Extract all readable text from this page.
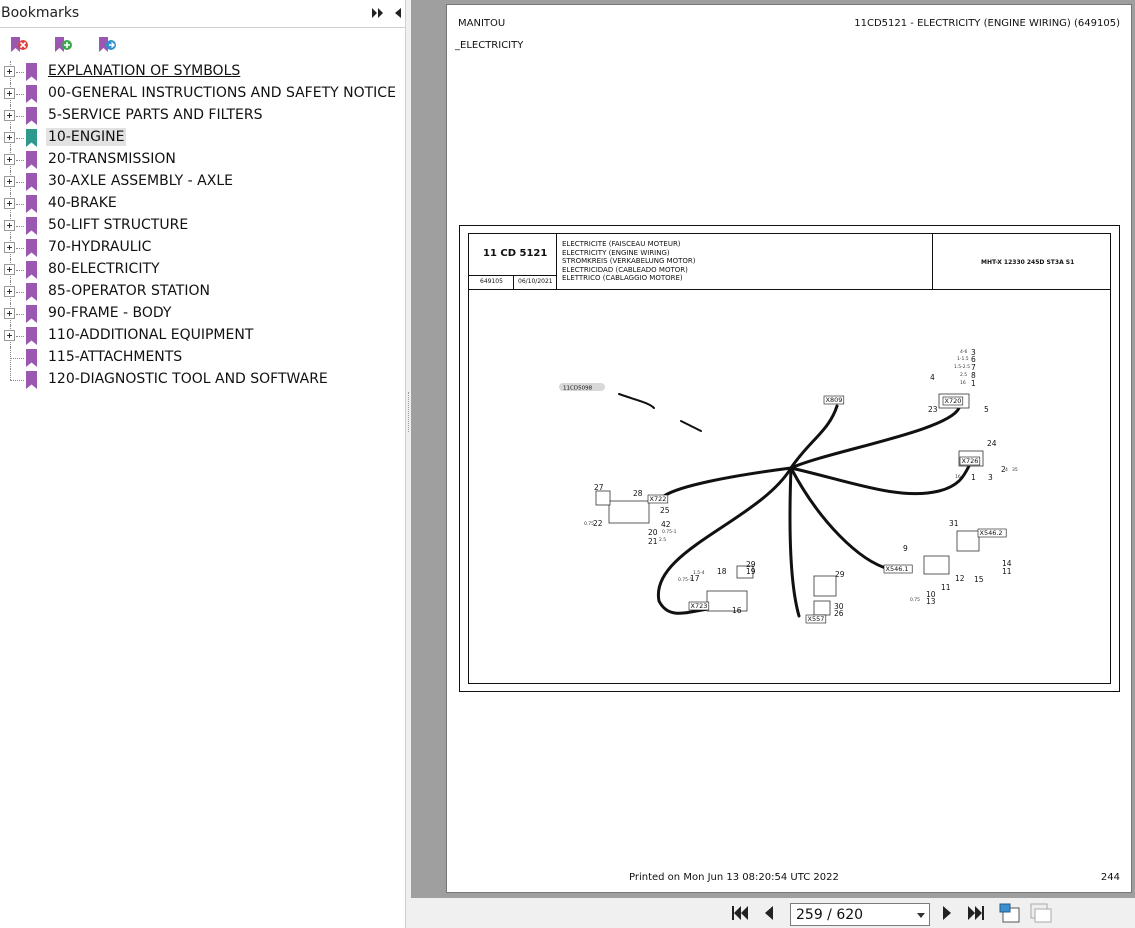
Bookmarks
EXPLANATION OF SYMBOLS
00-GENERAL INSTRUCTIONS AND SAFETY NOTICE
5-SERVICE PARTS AND FILTERS
10-ENGINE
20-TRANSMISSION
30-AXLE ASSEMBLY - AXLE
40-BRAKE
50-LIFT STRUCTURE
70-HYDRAULIC
80-ELECTRICITY
85-OPERATOR STATION
90-FRAME - BODY
110-ADDITIONAL EQUIPMENT
115-ATTACHMENTS
120-DIAGNOSTIC TOOL AND SOFTWARE
MANITOU	11CD5121 - ELECTRICITY (ENGINE WIRING) (649105)
_ELECTRICITY
11 CD 5121
649105	06/10/2021
ELECTRICITE (FAISCEAU MOTEUR)
ELECTRICITY (ENGINE WIRING)
STROMKREIS (VERKABELUNG MOTOR)
ELECTRICIDAD (CABLEADO MOTOR)
ELETTRICO (CABLAGGIO MOTORE)
MHT-X 12330 245D ST3A S1
11CD5098
X809	X720
X726
X722
X546.2
X546.1
X723
X557
3
6
7
8
1
4
23	5
24
2
3
1
27
28
25
22	42
20
21
31
9
14
11
15
12
11
10
13
29
19
18
17
16
29
30
26
4-6
1-1.5
1.5-2.5
2.5
16
16
35
0.75
0.75-1
2.5
1.5-4
0.75-1
0.75
4
Printed on Mon Jun 13 08:20:54 UTC 2022	244
259 / 620
